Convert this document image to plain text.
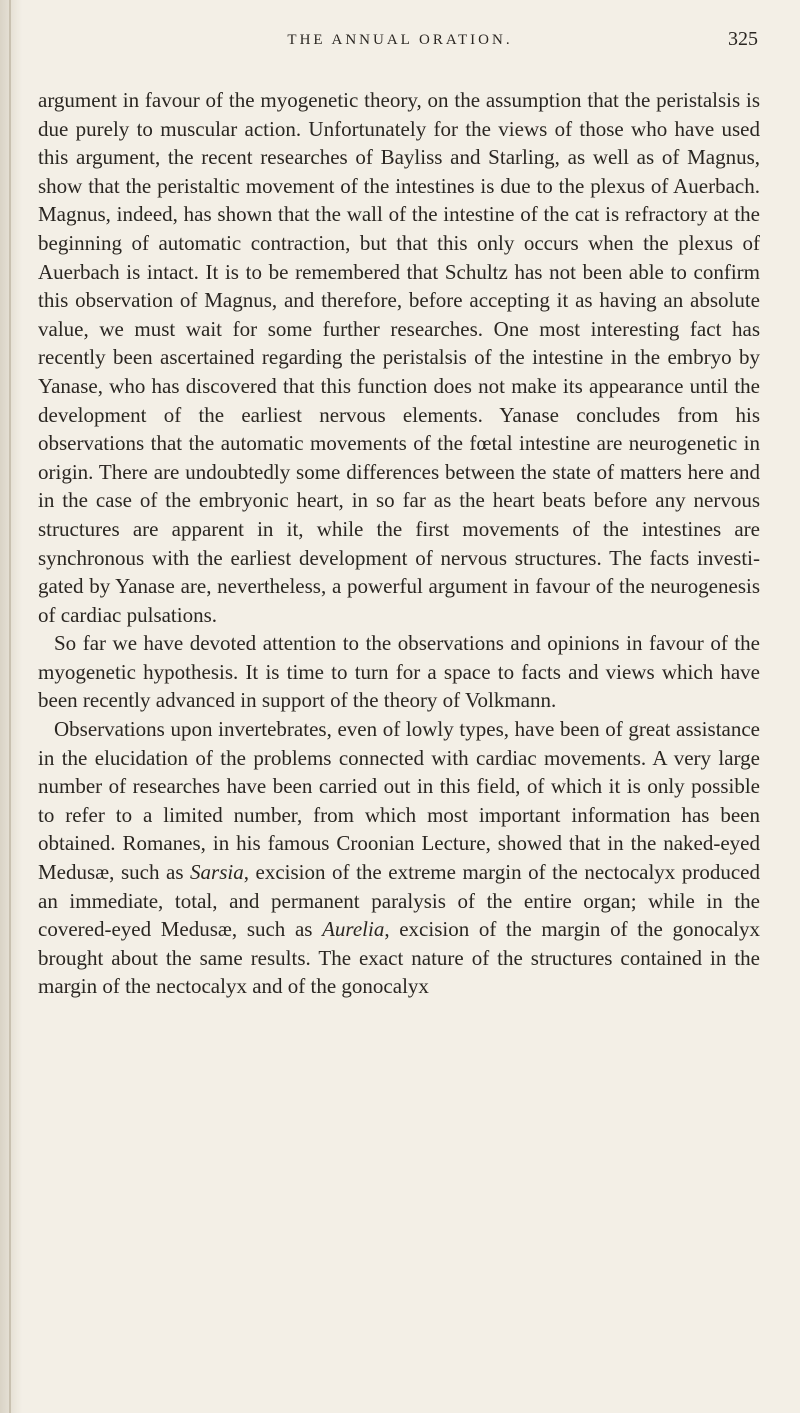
THE ANNUAL ORATION.	325

argument in favour of the myogenetic theory, on the assumption that the peristalsis is due purely to muscular action. Unfortunately for the views of those who have used this argument, the recent researches of Bayliss and Starling, as well as of Magnus, show that the peristaltic movement of the intestines is due to the plexus of Auerbach. Magnus, indeed, has shown that the wall of the intestine of the cat is refractory at the beginning of automatic contraction, but that this only occurs when the plexus of Auerbach is intact. It is to be remembered that Schultz has not been able to confirm this observation of Magnus, and therefore, before accepting it as having an absolute value, we must wait for some further researches. One most interesting fact has recently been ascertained regarding the peristalsis of the intestine in the embryo by Yanase, who has discovered that this function does not make its appearance until the development of the earliest nervous elements. Yanase concludes from his observations that the automatic movements of the fœtal intestine are neurogenetic in origin. There are undoubtedly some differences between the state of matters here and in the case of the embryonic heart, in so far as the heart beats before any nervous structures are apparent in it, while the first movements of the intestines are synchronous with the earliest development of nervous structures. The facts investigated by Yanase are, nevertheless, a powerful argument in favour of the neurogenesis of cardiac pulsations.

So far we have devoted attention to the observations and opinions in favour of the myogenetic hypothesis. It is time to turn for a space to facts and views which have been recently advanced in support of the theory of Volkmann.

Observations upon invertebrates, even of lowly types, have been of great assistance in the elucidation of the problems connected with cardiac movements. A very large number of researches have been carried out in this field, of which it is only possible to refer to a limited number, from which most important information has been obtained. Romanes, in his famous Croonian Lecture, showed that in the naked-eyed Medusæ, such as Sarsia, excision of the extreme margin of the nectocalyx produced an immediate, total, and permanent paralysis of the entire organ; while in the covered-eyed Medusæ, such as Aurelia, excision of the margin of the gonocalyx brought about the same results. The exact nature of the structures contained in the margin of the nectocalyx and of the gonocalyx
